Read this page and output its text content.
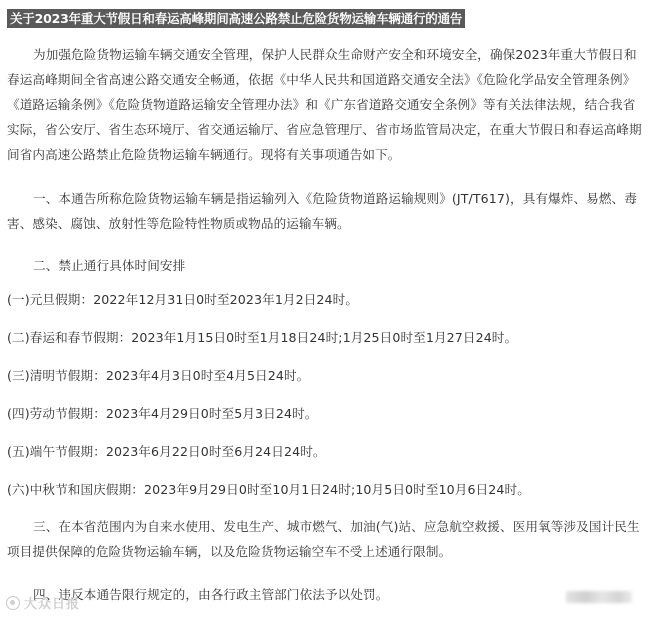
关于2023年重大节假日和春运高峰期间高速公路禁止危险货物运输车辆通行的通告

为加强危险货物运输车辆交通安全管理，保护人民群众生命财产安全和环境安全，确保2023年重大节假日和春运高峰期间全省高速公路交通安全畅通，依据《中华人民共和国道路交通安全法》《危险化学品安全管理条例》《道路运输条例》《危险货物道路运输安全管理办法》和《广东省道路交通安全条例》等有关法律法规，结合我省实际，省公安厅、省生态环境厅、省交通运输厅、省应急管理厅、省市场监管局决定，在重大节假日和春运高峰期间省内高速公路禁止危险货物运输车辆通行。现将有关事项通告如下。

一、本通告所称危险货物运输车辆是指运输列入《危险货物道路运输规则》(JT/T617)，具有爆炸、易燃、毒害、感染、腐蚀、放射性等危险特性物质或物品的运输车辆。

二、禁止通行具体时间安排

(一)元旦假期：2022年12月31日0时至2023年1月2日24时。

(二)春运和春节假期：2023年1月15日0时至1月18日24时;1月25日0时至1月27日24时。

(三)清明节假期：2023年4月3日0时至4月5日24时。

(四)劳动节假期：2023年4月29日0时至5月3日24时。

(五)端午节假期：2023年6月22日0时至6月24日24时。

(六)中秋节和国庆假期：2023年9月29日0时至10月1日24时;10月5日0时至10月6日24时。

三、在本省范围内为自来水使用、发电生产、城市燃气、加油(气)站、应急航空救援、医用氧等涉及国计民生项目提供保障的危险货物运输车辆，以及危险货物运输空车不受上述通行限制。

四、违反本通告限行规定的，由各行政主管部门依法予以处罚。

大众日报
